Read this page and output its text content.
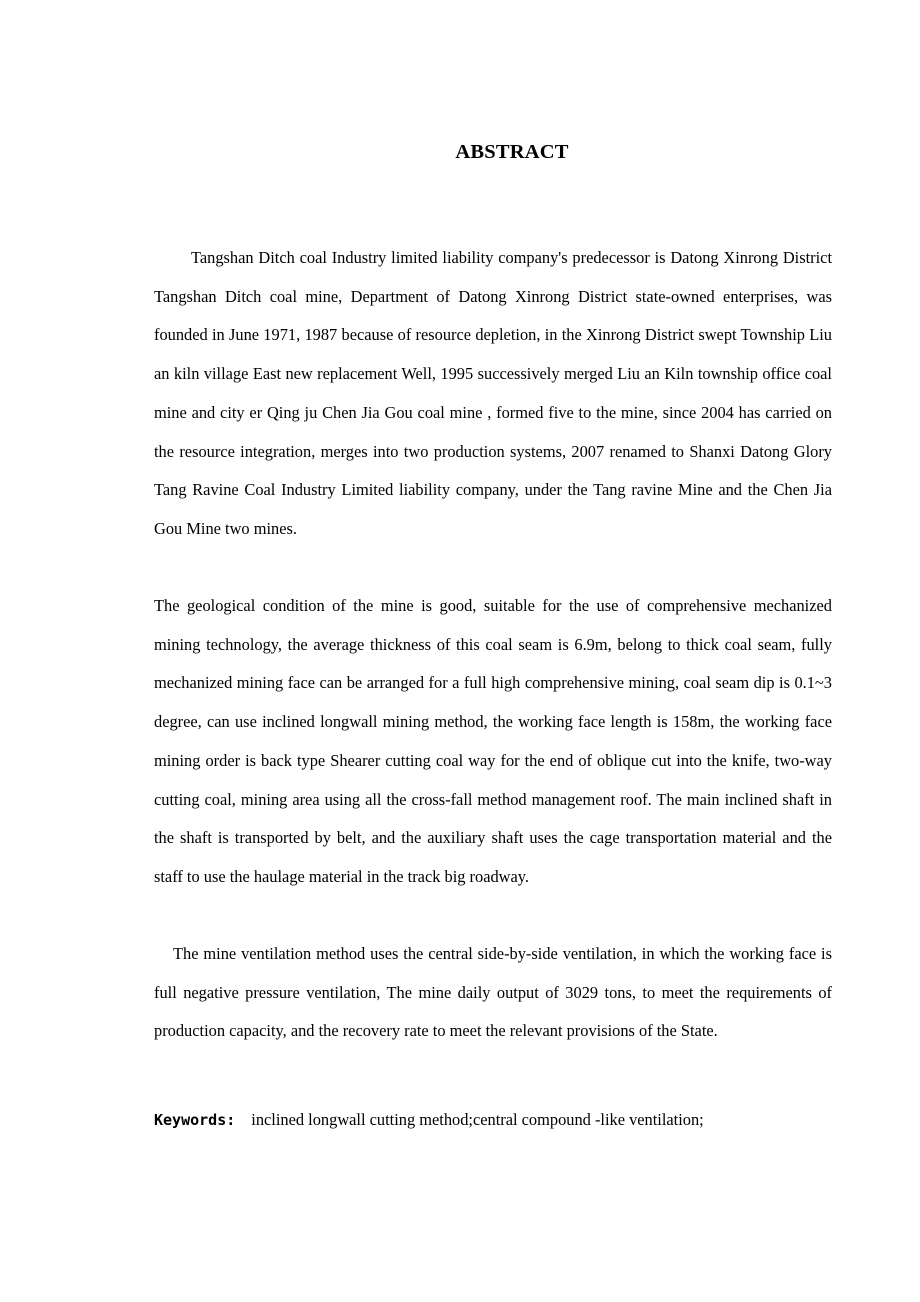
ABSTRACT

Tangshan Ditch coal Industry limited liability company's predecessor is Datong Xinrong District Tangshan Ditch coal mine, Department of Datong Xinrong District state-owned enterprises, was founded in June 1971, 1987 because of resource depletion, in the Xinrong District swept Township Liu an kiln village East new replacement Well, 1995 successively merged Liu an Kiln township office coal mine and city er Qing ju Chen Jia Gou coal mine , formed five to the mine, since 2004 has carried on the resource integration, merges into two production systems, 2007 renamed to Shanxi Datong Glory Tang Ravine Coal Industry Limited liability company, under the Tang ravine Mine and the Chen Jia Gou Mine two mines.

The geological condition of the mine is good, suitable for the use of comprehensive mechanized mining technology, the average thickness of this coal seam is 6.9m, belong to thick coal seam, fully mechanized mining face can be arranged for a full high comprehensive mining, coal seam dip is 0.1~3 degree, can use inclined longwall mining method, the working face length is 158m, the working face mining order is back type Shearer cutting coal way for the end of oblique cut into the knife, two-way cutting coal, mining area using all the cross-fall method management roof. The main inclined shaft in the shaft is transported by belt, and the auxiliary shaft uses the cage transportation material and the staff to use the haulage material in the track big roadway.

The mine ventilation method uses the central side-by-side ventilation, in which the working face is full negative pressure ventilation, The mine daily output of 3029 tons, to meet the requirements of production capacity, and the recovery rate to meet the relevant provisions of the State.

Keywords: inclined longwall cutting method;central compound -like ventilation;
